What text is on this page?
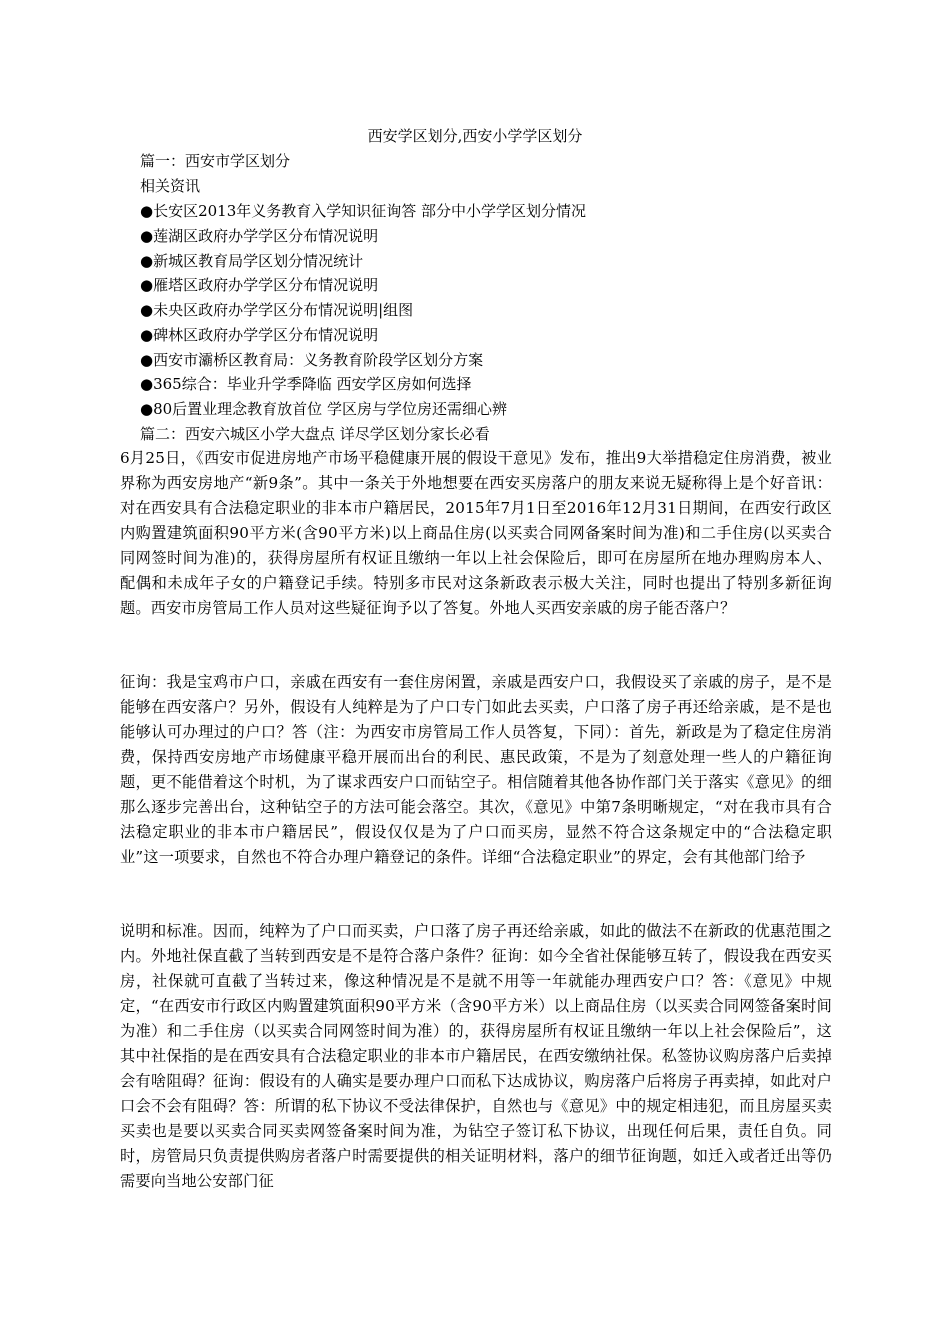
西安学区划分,西安小学学区划分

篇一：西安市学区划分

相关资讯

●长安区2013年义务教育入学知识征询答 部分中小学学区划分情况

●莲湖区政府办学学区分布情况说明

●新城区教育局学区划分情况统计

●雁塔区政府办学学区分布情况说明

●未央区政府办学学区分布情况说明|组图

●碑林区政府办学学区分布情况说明

●西安市灞桥区教育局：义务教育阶段学区划分方案

●365综合：毕业升学季降临 西安学区房如何选择

●80后置业理念教育放首位 学区房与学位房还需细心辨

篇二：西安六城区小学大盘点 详尽学区划分家长必看

6月25日，《西安市促进房地产市场平稳健康开展的假设干意见》发布，推出9大举措稳定住房消费，被业界称为西安房地产“新9条”。其中一条关于外地想要在西安买房落户的朋友来说无疑称得上是个好音讯：对在西安具有合法稳定职业的非本市户籍居民，2015年7月1日至2016年12月31日期间，在西安行政区内购置建筑面积90平方米(含90平方米)以上商品住房(以买卖合同网备案时间为准)和二手住房(以买卖合同网签时间为准)的，获得房屋所有权证且缴纳一年以上社会保险后，即可在房屋所在地办理购房本人、配偶和未成年子女的户籍登记手续。特别多市民对这条新政表示极大关注，同时也提出了特别多新征询题。西安市房管局工作人员对这些疑征询予以了答复。外地人买西安亲戚的房子能否落户？

征询：我是宝鸡市户口，亲戚在西安有一套住房闲置，亲戚是西安户口，我假设买了亲戚的房子，是不是能够在西安落户？另外，假设有人纯粹是为了户口专门如此去买卖，户口落了房子再还给亲戚，是不是也能够认可办理过的户口？答（注：为西安市房管局工作人员答复，下同）：首先，新政是为了稳定住房消费，保持西安房地产市场健康平稳开展而出台的利民、惠民政策，不是为了刻意处理一些人的户籍征询题，更不能借着这个时机，为了谋求西安户口而钻空子。相信随着其他各协作部门关于落实《意见》的细那么逐步完善出台，这种钻空子的方法可能会落空。其次，《意见》中第7条明晰规定，“对在我市具有合法稳定职业的非本市户籍居民”，假设仅仅是为了户口而买房，显然不符合这条规定中的“合法稳定职业”这一项要求，自然也不符合办理户籍登记的条件。详细“合法稳定职业”的界定，会有其他部门给予

说明和标准。因而，纯粹为了户口而买卖，户口落了房子再还给亲戚，如此的做法不在新政的优惠范围之内。外地社保直截了当转到西安是不是符合落户条件？征询：如今全省社保能够互转了，假设我在西安买房，社保就可直截了当转过来，像这种情况是不是就不用等一年就能办理西安户口？答：《意见》中规定，“在西安市行政区内购置建筑面积90平方米（含90平方米）以上商品住房（以买卖合同网签备案时间为准）和二手住房（以买卖合同网签时间为准）的，获得房屋所有权证且缴纳一年以上社会保险后”，这其中社保指的是在西安具有合法稳定职业的非本市户籍居民，在西安缴纳社保。私签协议购房落户后卖掉会有啥阻碍？征询：假设有的人确实是要办理户口而私下达成协议，购房落户后将房子再卖掉，如此对户口会不会有阻碍？答：所谓的私下协议不受法律保护，自然也与《意见》中的规定相违犯，而且房屋买卖买卖也是要以买卖合同买卖网签备案时间为准，为钻空子签订私下协议，出现任何后果，责任自负。同时，房管局只负责提供购房者落户时需要提供的相关证明材料，落户的细节征询题，如迁入或者迁出等仍需要向当地公安部门征
